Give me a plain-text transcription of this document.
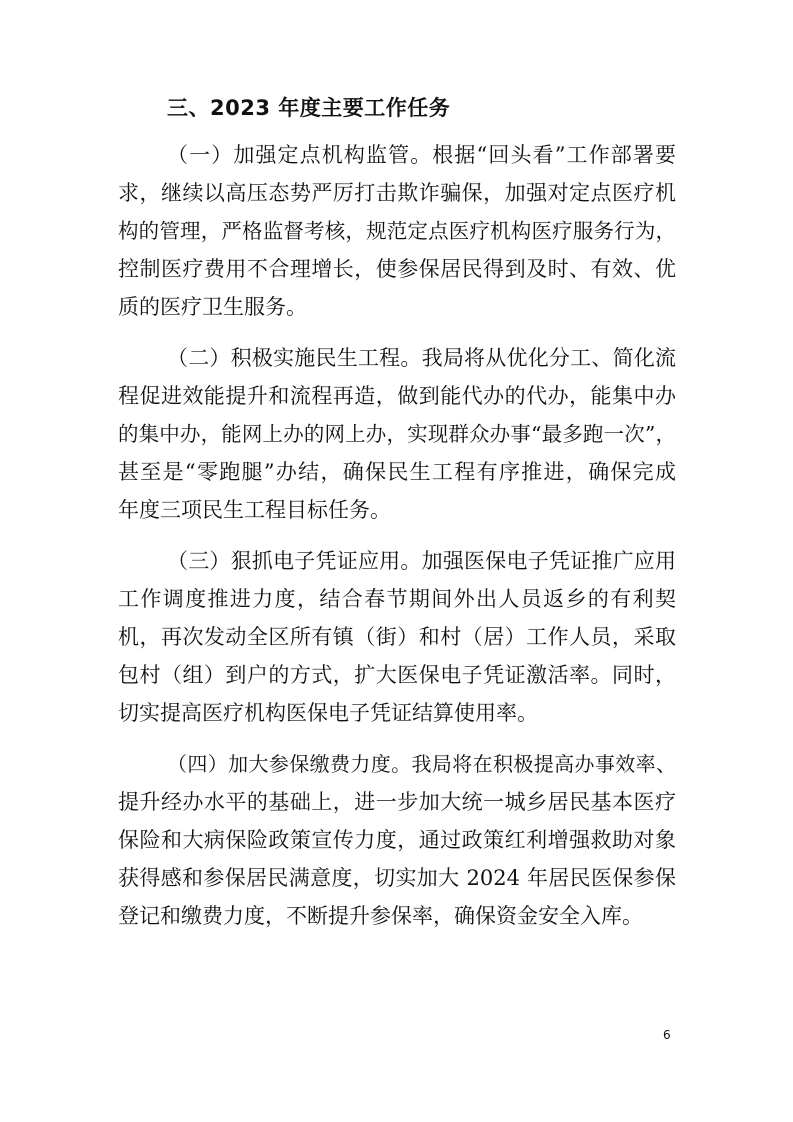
三、2023 年度主要工作任务
（一）加强定点机构监管。根据“回头看”工作部署要
求，继续以高压态势严厉打击欺诈骗保，加强对定点医疗机
构的管理，严格监督考核，规范定点医疗机构医疗服务行为，
控制医疗费用不合理增长，使参保居民得到及时、有效、优
质的医疗卫生服务。
（二）积极实施民生工程。我局将从优化分工、简化流
程促进效能提升和流程再造，做到能代办的代办，能集中办
的集中办，能网上办的网上办，实现群众办事“最多跑一次”，
甚至是“零跑腿”办结，确保民生工程有序推进，确保完成
年度三项民生工程目标任务。
（三）狠抓电子凭证应用。加强医保电子凭证推广应用
工作调度推进力度，结合春节期间外出人员返乡的有利契
机，再次发动全区所有镇（街）和村（居）工作人员，采取
包村（组）到户的方式，扩大医保电子凭证激活率。同时，
切实提高医疗机构医保电子凭证结算使用率。
（四）加大参保缴费力度。我局将在积极提高办事效率、
提升经办水平的基础上，进一步加大统一城乡居民基本医疗
保险和大病保险政策宣传力度，通过政策红利增强救助对象
获得感和参保居民满意度，切实加大 2024 年居民医保参保
登记和缴费力度，不断提升参保率，确保资金安全入库。
6
